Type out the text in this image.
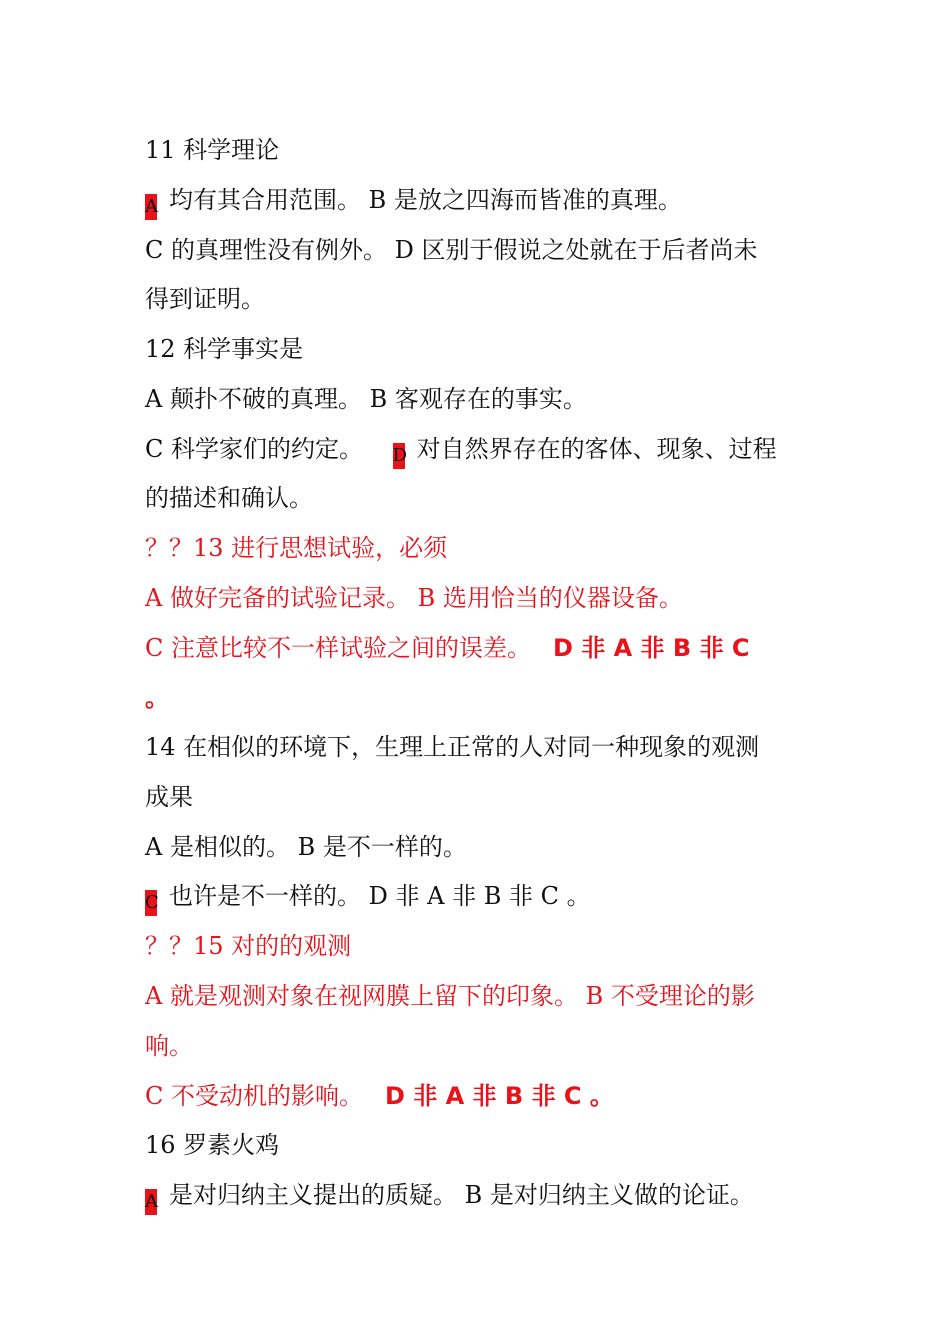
11 科学理论
A 均有其合用范围。 B 是放之四海而皆准的真理。
C 的真理性没有例外。 D 区别于假说之处就在于后者尚未
得到证明。
12 科学事实是
A 颠扑不破的真理。 B 客观存在的事实。
C 科学家们的约定。 D 对自然界存在的客体、现象、过程
的描述和确认。
？？13 进行思想试验，必须
A 做好完备的试验记录。 B 选用恰当的仪器设备。
C 注意比较不一样试验之间的误差。 D 非 A 非 B 非 C
。
14 在相似的环境下，生理上正常的人对同一种现象的观测
成果
A 是相似的。 B 是不一样的。
C 也许是不一样的。 D 非 A 非 B 非 C 。
？？15 对的的观测
A 就是观测对象在视网膜上留下的印象。 B 不受理论的影
响。
C 不受动机的影响。 D 非 A 非 B 非 C 。
16 罗素火鸡
A 是对归纳主义提出的质疑。 B 是对归纳主义做的论证。
